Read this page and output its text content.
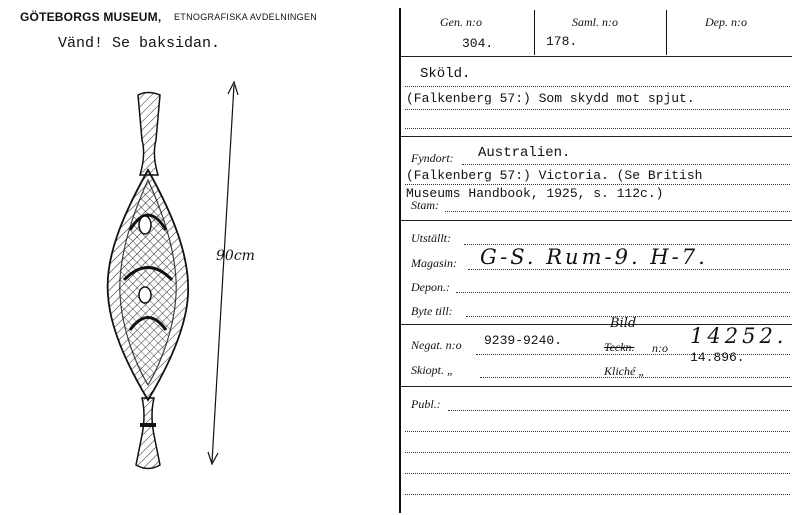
GÖTEBORGS MUSEUM, ETNOGRAFISKA AVDELNINGEN
Vänd! Se baksidan.
90cm
Gen. n:o
304.
Saml. n:o
178.
Dep. n:o
Sköld.
(Falkenberg 57:) Som skydd mot spjut.
Fyndort: Australien.
(Falkenberg 57:) Victoria. (Se British
Museums Handbook, 1925, s. 112c.)
Stam:
Utställt:
Magasin: G-S. Rum-9. H-7.
Depon.:
Byte till:
Negat. n:o 9239-9240.
Bild
Teckn. n:o 14252.
14.896.
Skiopt. „	Kliché „
Publ.:
